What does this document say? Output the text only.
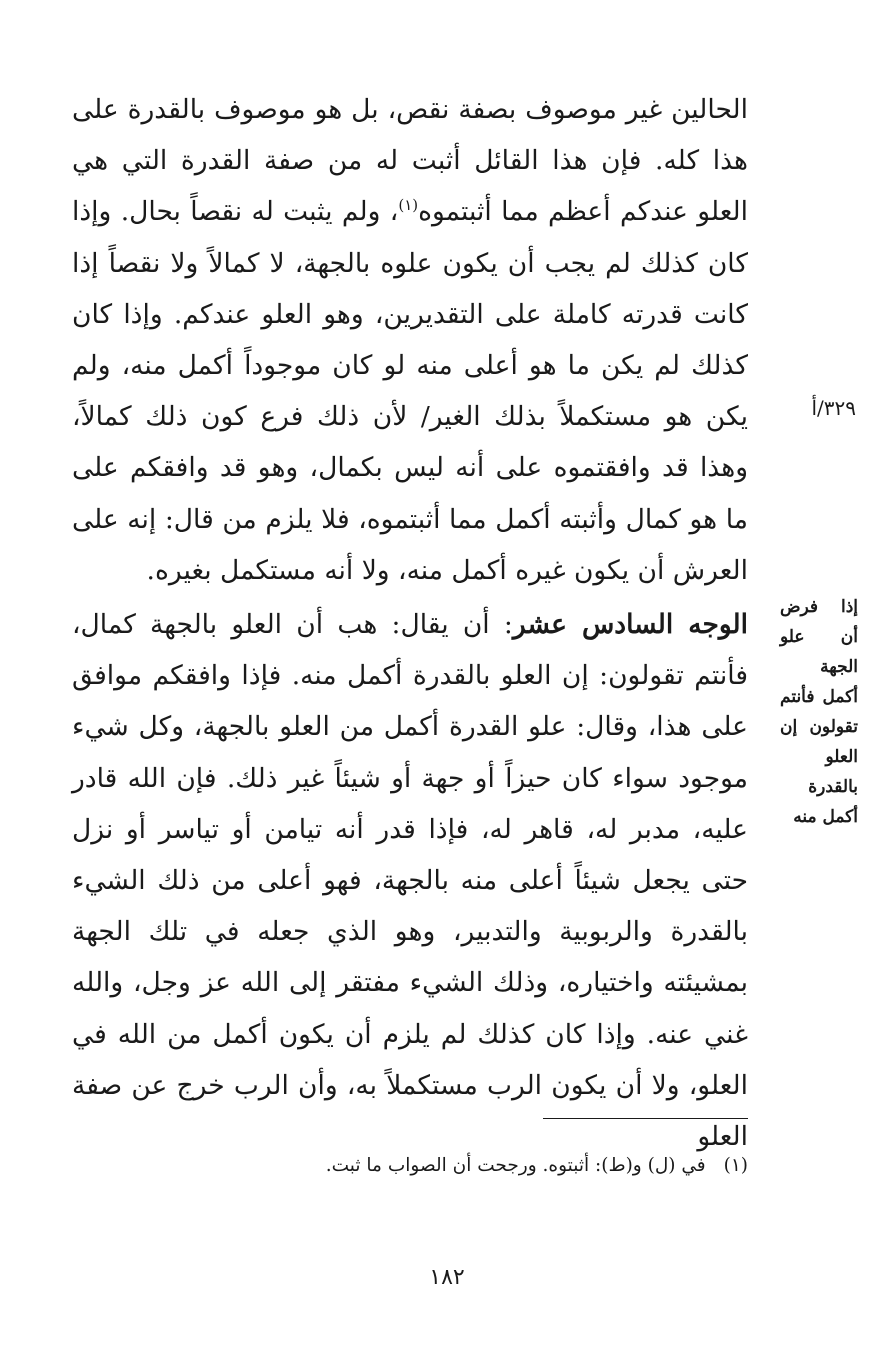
الحالين غير موصوف بصفة نقص، بل هو موصوف بالقدرة على هذا كله. فإن هذا القائل أثبت له من صفة القدرة التي هي العلو عندكم أعظم مما أثبتموه$^{(١)}$، ولم يثبت له نقصاً بحال. وإذا كان كذلك لم يجب أن يكون علوه بالجهة، لا كمالاً ولا نقصاً إذا كانت قدرته كاملة على التقديرين، وهو العلو عندكم. وإذا كان كذلك لم يكن ما هو أعلى منه لو كان موجوداً أكمل منه، ولم يكن هو مستكملاً بذلك الغير/ لأن ذلك فرع كون ذلك كمالاً، وهذا قد وافقتموه على أنه ليس بكمال، وهو قد وافقكم على ما هو كمال وأثبته أكمل مما أثبتموه، فلا يلزم من قال: إنه على العرش أن يكون غيره أكمل منه، ولا أنه مستكمل بغيره.

الوجه السادس عشر: أن يقال: هب أن العلو بالجهة كمال، فأنتم تقولون: إن العلو بالقدرة أكمل منه. فإذا وافقكم موافق على هذا، وقال: علو القدرة أكمل من العلو بالجهة، وكل شيء موجود سواء كان حيزاً أو جهة أو شيئاً غير ذلك. فإن الله قادر عليه، مدبر له، قاهر له، فإذا قدر أنه تيامن أو تياسر أو نزل حتى يجعل شيئاً أعلى منه بالجهة، فهو أعلى من ذلك الشيء بالقدرة والربوبية والتدبير، وهو الذي جعله في تلك الجهة بمشيئته واختياره، وذلك الشيء مفتقر إلى الله عز وجل، والله غني عنه. وإذا كان كذلك لم يلزم أن يكون أكمل من الله في العلو، ولا أن يكون الرب مستكملاً به، وأن الرب خرج عن صفة العلو

٣٢٩/أ
إذا فرض أن علو الجهة أكمل فأنتم تقولون إن العلو بالقدرة أكمل منه
(١)في (ل) و(ط): أثبتوه. ورجحت أن الصواب ما ثبت.
١٨٢
